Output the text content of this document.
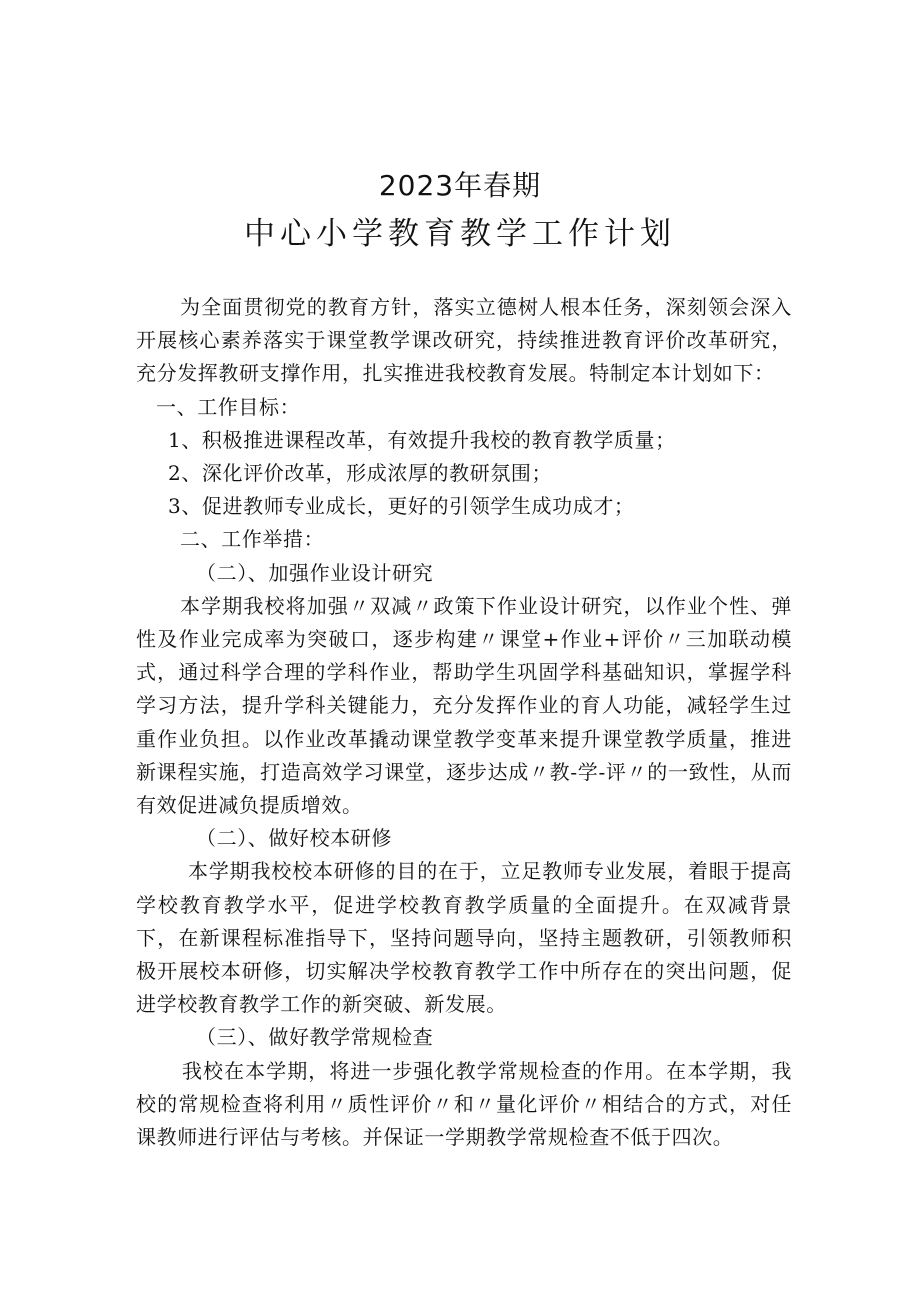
2023年春期
中心小学教育教学工作计划

为全面贯彻党的教育方针，落实立德树人根本任务，深刻领会深入开展核心素养落实于课堂教学课改研究，持续推进教育评价改革研究，充分发挥教研支撑作用，扎实推进我校教育发展。特制定本计划如下：

一、工作目标：

1、积极推进课程改革，有效提升我校的教育教学质量；

2、深化评价改革，形成浓厚的教研氛围；

3、促进教师专业成长，更好的引领学生成功成才；

二、工作举措：

（二）、加强作业设计研究

本学期我校将加强〃双减〃政策下作业设计研究，以作业个性、弹性及作业完成率为突破口，逐步构建〃课堂+作业+评价〃三加联动模式，通过科学合理的学科作业，帮助学生巩固学科基础知识，掌握学科学习方法，提升学科关键能力，充分发挥作业的育人功能，减轻学生过重作业负担。以作业改革撬动课堂教学变革来提升课堂教学质量，推进新课程实施，打造高效学习课堂，逐步达成〃教-学-评〃的一致性，从而有效促进减负提质增效。

（二）、做好校本研修

本学期我校校本研修的目的在于，立足教师专业发展，着眼于提高学校教育教学水平，促进学校教育教学质量的全面提升。在双减背景下，在新课程标准指导下，坚持问题导向，坚持主题教研，引领教师积极开展校本研修，切实解决学校教育教学工作中所存在的突出问题，促进学校教育教学工作的新突破、新发展。

（三）、做好教学常规检查

我校在本学期，将进一步强化教学常规检查的作用。在本学期，我校的常规检查将利用〃质性评价〃和〃量化评价〃相结合的方式，对任课教师进行评估与考核。并保证一学期教学常规检查不低于四次。
